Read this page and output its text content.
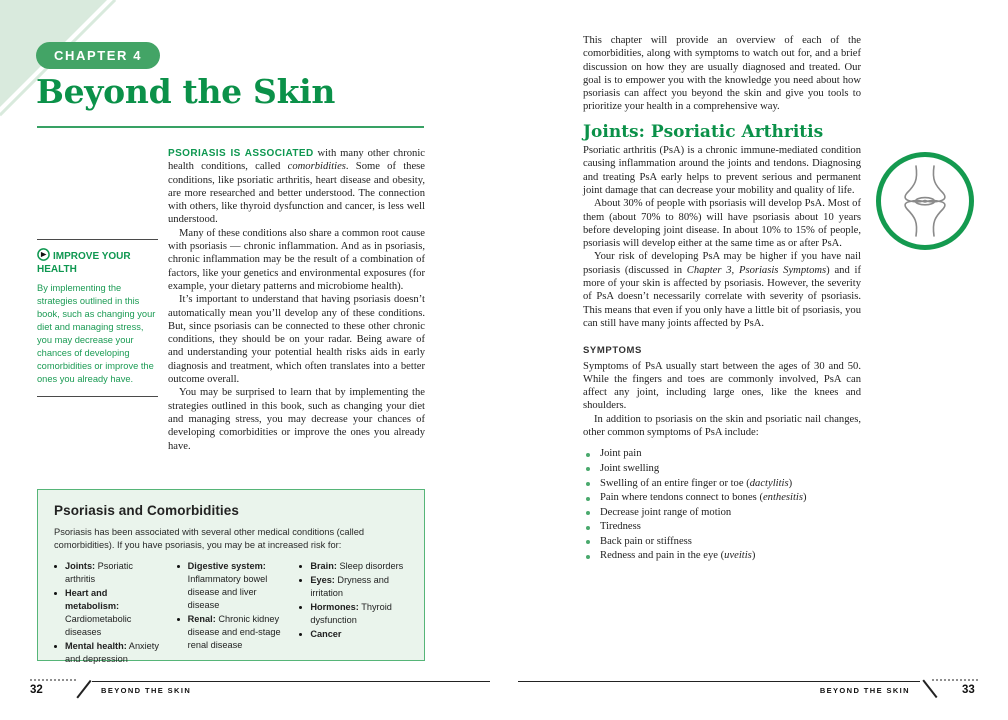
CHAPTER 4
Beyond the Skin
IMPROVE YOUR HEALTH
By implementing the strategies outlined in this book, such as changing your diet and managing stress, you may decrease your chances of developing comorbidities or improve the ones you already have.

PSORIASIS IS ASSOCIATED with many other chronic health conditions, called comorbidities. Some of these conditions, like psoriatic arthritis, heart disease and obesity, are more researched and better understood. The connection with others, like thyroid dysfunction and cancer, is less well understood.

Many of these conditions also share a common root cause with psoriasis — chronic inflammation. And as in psoriasis, chronic inflammation may be the result of a combination of factors, like your genetics and environmental exposures (for example, your dietary patterns and microbiome health).

It’s important to understand that having psoriasis doesn’t automatically mean you’ll develop any of these conditions. But, since psoriasis can be connected to these other chronic conditions, they should be on your radar. Being aware of and understanding your potential health risks aids in early diagnosis and treatment, which often translates into a better outcome overall.

You may be surprised to learn that by implementing the strategies outlined in this book, such as changing your diet and managing stress, you may decrease your chances of developing comorbidities or improve the ones you already have.

Psoriasis and Comorbidities

Psoriasis has been associated with several other medical conditions (called comorbidities). If you have psoriasis, you may be at increased risk for:

Joints: Psoriatic arthritis
Heart and metabolism: Cardiometabolic diseases
Mental health: Anxiety and depression
Digestive system: Inflammatory bowel disease and liver disease
Renal: Chronic kidney disease and end-stage renal disease
Brain: Sleep disorders
Eyes: Dryness and irritation
Hormones: Thyroid dysfunction
Cancer

This chapter will provide an overview of each of the comorbidities, along with symptoms to watch out for, and a brief discussion on how they are usually diagnosed and treated. Our goal is to empower you with the knowledge you need about how psoriasis can affect you beyond the skin and give you tools to prioritize your health in a comprehensive way.

Joints: Psoriatic Arthritis

Psoriatic arthritis (PsA) is a chronic immune-mediated condition causing inflammation around the joints and tendons. Diagnosing and treating PsA early helps to prevent serious and permanent joint damage that can decrease your mobility and quality of life.

About 30% of people with psoriasis will develop PsA. Most of them (about 70% to 80%) will have psoriasis about 10 years before developing joint disease. In about 10% to 15% of people, psoriasis will develop either at the same time as or after PsA.

Your risk of developing PsA may be higher if you have nail psoriasis (discussed in Chapter 3, Psoriasis Symptoms) and if more of your skin is affected by psoriasis. However, the severity of PsA doesn’t necessarily correlate with severity of psoriasis. This means that even if you only have a little bit of psoriasis, you can still have many joints affected by PsA.

SYMPTOMS

Symptoms of PsA usually start between the ages of 30 and 50. While the fingers and toes are commonly involved, PsA can affect any joint, including large ones, like the knees and shoulders.

In addition to psoriasis on the skin and psoriatic nail changes, other common symptoms of PsA include:

Joint pain
Joint swelling
Swelling of an entire finger or toe (dactylitis)
Pain where tendons connect to bones (enthesitis)
Decrease joint range of motion
Tiredness
Back pain or stiffness
Redness and pain in the eye (uveitis)
32	33
BEYOND THE SKIN	BEYOND THE SKIN
